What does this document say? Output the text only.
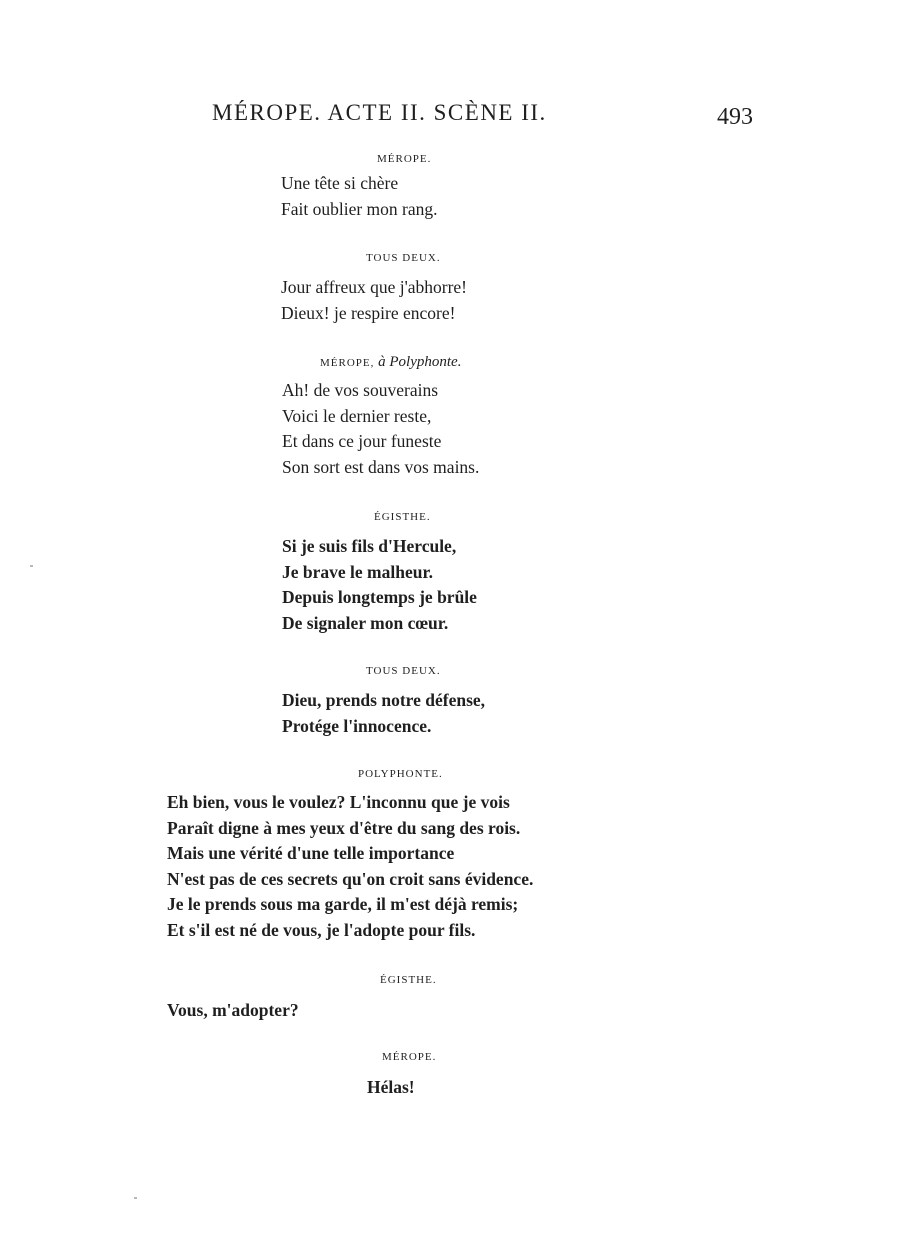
MÉROPE. ACTE II. SCÈNE II.	493
MÉROPE.
Une tête si chère
Fait oublier mon rang.
TOUS DEUX.
Jour affreux que j'abhorre!
Dieux! je respire encore!
MÉROPE, à Polyphonte.
Ah! de vos souverains
Voici le dernier reste,
Et dans ce jour funeste
Son sort est dans vos mains.
ÉGISTHE.
Si je suis fils d'Hercule,
Je brave le malheur.
Depuis longtemps je brûle
De signaler mon cœur.
TOUS DEUX.
Dieu, prends notre défense,
Protége l'innocence.
POLYPHONTE.
Eh bien, vous le voulez? L'inconnu que je vois
Paraît digne à mes yeux d'être du sang des rois.
Mais une vérité d'une telle importance
N'est pas de ces secrets qu'on croit sans évidence.
Je le prends sous ma garde, il m'est déjà remis;
Et s'il est né de vous, je l'adopte pour fils.
ÉGISTHE.
Vous, m'adopter?
MÉROPE.
Hélas!
